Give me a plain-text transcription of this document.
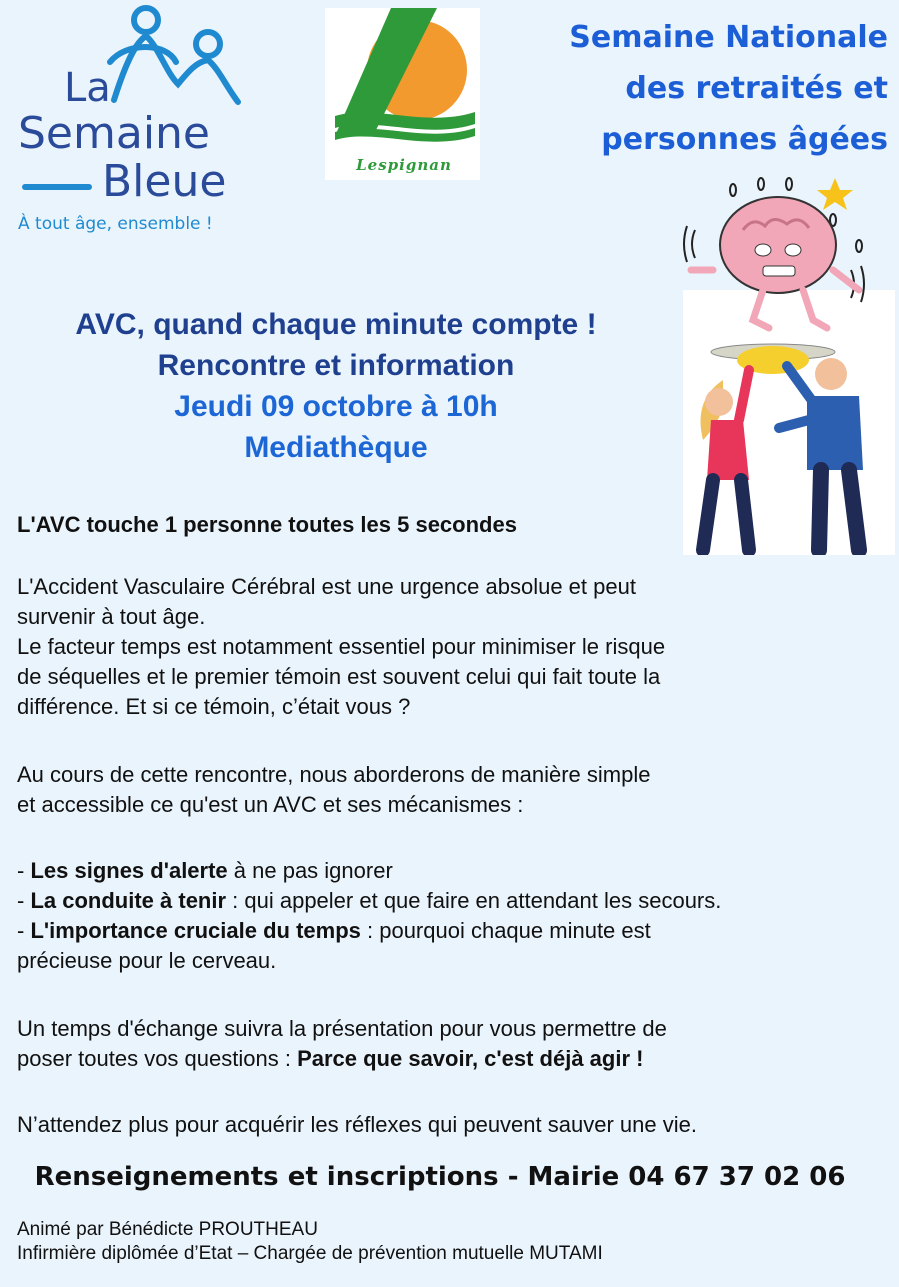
La
Semaine
Bleue
À tout âge, ensemble !
Lespignan
Semaine Nationale
des retraités et
personnes âgées
AVC, quand chaque minute compte !
Rencontre et information
Jeudi 09 octobre à 10h
Mediathèque
L'AVC touche 1 personne toutes les 5 secondes
L'Accident Vasculaire Cérébral est une urgence absolue et peut
survenir à tout âge.
Le facteur temps est notamment essentiel pour minimiser le risque
de séquelles et le premier témoin est souvent celui qui fait toute la
différence. Et si ce témoin, c’était vous ?
Au cours de cette rencontre, nous aborderons de manière simple
et accessible ce qu'est un AVC et ses mécanismes :
- Les signes d'alerte à ne pas ignorer
- La conduite à tenir : qui appeler et que faire en attendant les secours.
- L'importance cruciale du temps : pourquoi chaque minute est
précieuse pour le cerveau.
Un temps d'échange suivra la présentation pour vous permettre de
poser toutes vos questions : Parce que savoir, c'est déjà agir !
N’attendez plus pour acquérir les réflexes qui peuvent sauver une vie.
Renseignements et inscriptions - Mairie 04 67 37 02 06
Animé par Bénédicte PROUTHEAU
Infirmière diplômée d’Etat – Chargée de prévention mutuelle MUTAMI
